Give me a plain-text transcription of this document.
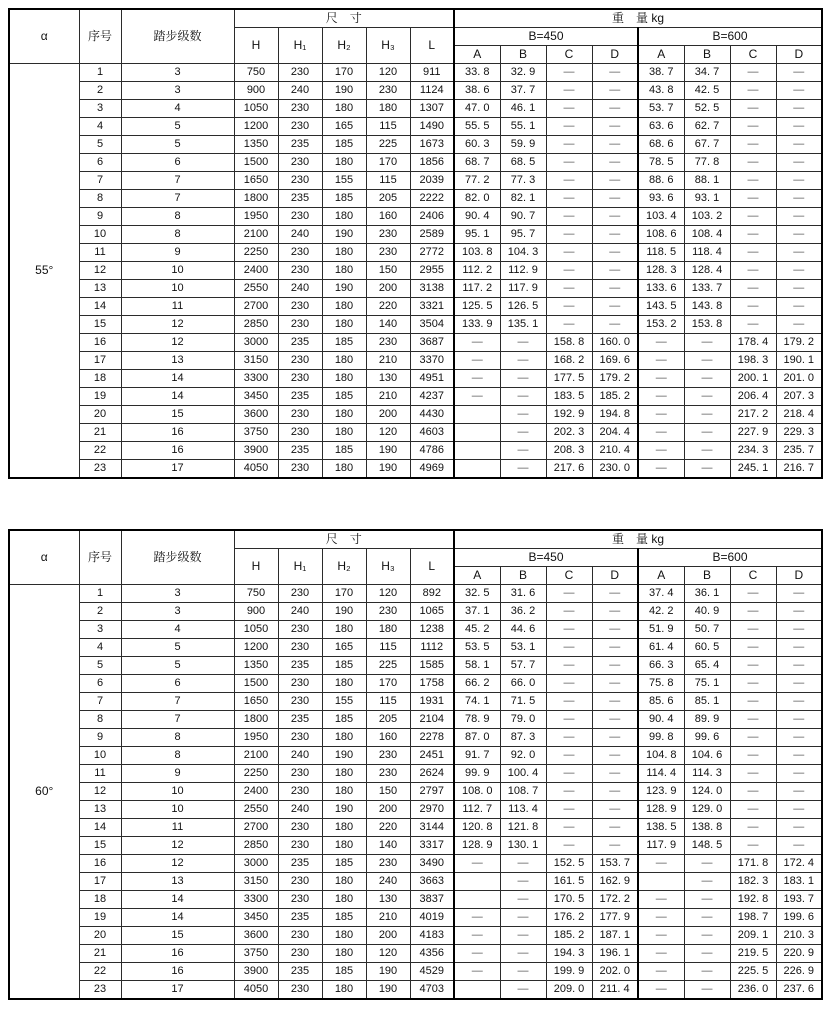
α	序号	踏步级数	尺　寸					重　量 kg							
			H	H₁	H₂	H₃	L	B=450				B=600			
								A	B	C	D	A	B	C	D
55°	1	3	750	230	170	120	911	33. 8	32. 9	—	—	38. 7	34. 7	—	—
	2	3	900	240	190	230	1124	38. 6	37. 7	—	—	43. 8	42. 5	—	—
	3	4	1050	230	180	180	1307	47. 0	46. 1	—	—	53. 7	52. 5	—	—
	4	5	1200	230	165	115	1490	55. 5	55. 1	—	—	63. 6	62. 7	—	—
	5	5	1350	235	185	225	1673	60. 3	59. 9	—	—	68. 6	67. 7	—	—
	6	6	1500	230	180	170	1856	68. 7	68. 5	—	—	78. 5	77. 8	—	—
	7	7	1650	230	155	115	2039	77. 2	77. 3	—	—	88. 6	88. 1	—	—
	8	7	1800	235	185	205	2222	82. 0	82. 1	—	—	93. 6	93. 1	—	—
	9	8	1950	230	180	160	2406	90. 4	90. 7	—	—	103. 4	103. 2	—	—
	10	8	2100	240	190	230	2589	95. 1	95. 7	—	—	108. 6	108. 4	—	—
	11	9	2250	230	180	230	2772	103. 8	104. 3	—	—	118. 5	118. 4	—	—
	12	10	2400	230	180	150	2955	112. 2	112. 9	—	—	128. 3	128. 4	—	—
	13	10	2550	240	190	200	3138	117. 2	117. 9	—	—	133. 6	133. 7	—	—
	14	11	2700	230	180	220	3321	125. 5	126. 5	—	—	143. 5	143. 8	—	—
	15	12	2850	230	180	140	3504	133. 9	135. 1	—	—	153. 2	153. 8	—	—
	16	12	3000	235	185	230	3687	—	—	158. 8	160. 0	—	—	178. 4	179. 2
	17	13	3150	230	180	210	3370	—	—	168. 2	169. 6	—	—	198. 3	190. 1
	18	14	3300	230	180	130	4951	—	—	177. 5	179. 2	—	—	200. 1	201. 0
	19	14	3450	235	185	210	4237	—	—	183. 5	185. 2	—	—	206. 4	207. 3
	20	15	3600	230	180	200	4430		—	192. 9	194. 8	—	—	217. 2	218. 4
	21	16	3750	230	180	120	4603		—	202. 3	204. 4	—	—	227. 9	229. 3
	22	16	3900	235	185	190	4786		—	208. 3	210. 4	—	—	234. 3	235. 7
	23	17	4050	230	180	190	4969		—	217. 6	230. 0	—	—	245. 1	216. 7
α	序号	踏步级数	尺　寸					重　量 kg							
			H	H₁	H₂	H₃	L	B=450				B=600			
								A	B	C	D	A	B	C	D
60°	1	3	750	230	170	120	892	32. 5	31. 6	—	—	37. 4	36. 1	—	—
	2	3	900	240	190	230	1065	37. 1	36. 2	—	—	42. 2	40. 9	—	—
	3	4	1050	230	180	180	1238	45. 2	44. 6	—	—	51. 9	50. 7	—	—
	4	5	1200	230	165	115	1112	53. 5	53. 1	—	—	61. 4	60. 5	—	—
	5	5	1350	235	185	225	1585	58. 1	57. 7	—	—	66. 3	65. 4	—	—
	6	6	1500	230	180	170	1758	66. 2	66. 0	—	—	75. 8	75. 1	—	—
	7	7	1650	230	155	115	1931	74. 1	71. 5	—	—	85. 6	85. 1	—	—
	8	7	1800	235	185	205	2104	78. 9	79. 0	—	—	90. 4	89. 9	—	—
	9	8	1950	230	180	160	2278	87. 0	87. 3	—	—	99. 8	99. 6	—	—
	10	8	2100	240	190	230	2451	91. 7	92. 0	—	—	104. 8	104. 6	—	—
	11	9	2250	230	180	230	2624	99. 9	100. 4	—	—	114. 4	114. 3	—	—
	12	10	2400	230	180	150	2797	108. 0	108. 7	—	—	123. 9	124. 0	—	—
	13	10	2550	240	190	200	2970	112. 7	113. 4	—	—	128. 9	129. 0	—	—
	14	11	2700	230	180	220	3144	120. 8	121. 8	—	—	138. 5	138. 8	—	—
	15	12	2850	230	180	140	3317	128. 9	130. 1	—	—	117. 9	148. 5	—	—
	16	12	3000	235	185	230	3490	—	—	152. 5	153. 7	—	—	171. 8	172. 4
	17	13	3150	230	180	240	3663		—	161. 5	162. 9		—	182. 3	183. 1
	18	14	3300	230	180	130	3837		—	170. 5	172. 2	—	—	192. 8	193. 7
	19	14	3450	235	185	210	4019	—	—	176. 2	177. 9	—	—	198. 7	199. 6
	20	15	3600	230	180	200	4183	—	—	185. 2	187. 1	—	—	209. 1	210. 3
	21	16	3750	230	180	120	4356	—	—	194. 3	196. 1	—	—	219. 5	220. 9
	22	16	3900	235	185	190	4529	—	—	199. 9	202. 0	—	—	225. 5	226. 9
	23	17	4050	230	180	190	4703		—	209. 0	211. 4	—	—	236. 0	237. 6
